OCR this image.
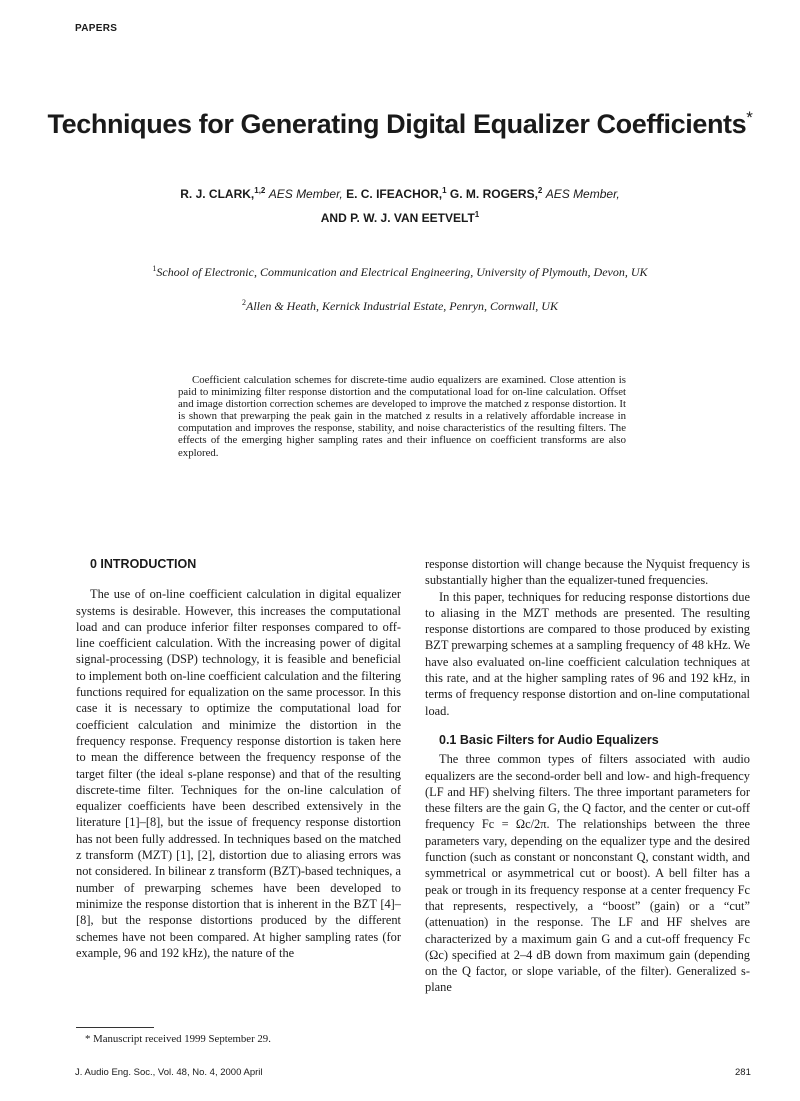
PAPERS
Techniques for Generating Digital Equalizer Coefficients*
R. J. CLARK,$^{1,2}$ AES Member, E. C. IFEACHOR,$^1$ G. M. ROGERS,$^2$ AES Member,
AND P. W. J. VAN EETVELT$^1$
$^1$School of Electronic, Communication and Electrical Engineering, University of Plymouth, Devon, UK
$^2$Allen & Heath, Kernick Industrial Estate, Penryn, Cornwall, UK
Coefficient calculation schemes for discrete-time audio equalizers are examined. Close attention is paid to minimizing filter response distortion and the computational load for on-line calculation. Offset and image distortion correction schemes are developed to improve the matched z response distortion. It is shown that prewarping the peak gain in the matched z results in a relatively affordable increase in computation and improves the response, stability, and noise characteristics of the resulting filters. The effects of the emerging higher sampling rates and their influence on coefficient transforms are also explored.

0 INTRODUCTION

The use of on-line coefficient calculation in digital equalizer systems is desirable. However, this increases the computational load and can produce inferior filter responses compared to off-line coefficient calculation. With the increasing power of digital signal-processing (DSP) technology, it is feasible and beneficial to implement both on-line coefficient calculation and the filtering functions required for equalization on the same processor. In this case it is necessary to optimize the computational load for coefficient calculation and minimize the distortion in the frequency response. Frequency response distortion is taken here to mean the difference between the frequency response of the target filter (the ideal s-plane response) and that of the resulting discrete-time filter. Techniques for the on-line calculation of equalizer coefficients have been described extensively in the literature [1]–[8], but the issue of frequency response distortion has not been fully addressed. In techniques based on the matched z transform (MZT) [1], [2], distortion due to aliasing errors was not considered. In bilinear z transform (BZT)-based techniques, a number of prewarping schemes have been developed to minimize the response distortion that is inherent in the BZT [4]–[8], but the response distortions produced by the different schemes have not been compared. At higher sampling rates (for example, 96 and 192 kHz), the nature of the

response distortion will change because the Nyquist frequency is substantially higher than the equalizer-tuned frequencies.

In this paper, techniques for reducing response distortions due to aliasing in the MZT methods are presented. The resulting response distortions are compared to those produced by existing BZT prewarping schemes at a sampling frequency of 48 kHz. We have also evaluated on-line coefficient calculation techniques at this rate, and at the higher sampling rates of 96 and 192 kHz, in terms of frequency response distortion and on-line computational load.

0.1 Basic Filters for Audio Equalizers

The three common types of filters associated with audio equalizers are the second-order bell and low- and high-frequency (LF and HF) shelving filters. The three important parameters for these filters are the gain G, the Q factor, and the center or cut-off frequency Fc = Ωc/2π. The relationships between the three parameters vary, depending on the equalizer type and the desired function (such as constant or nonconstant Q, constant width, and symmetrical or asymmetrical cut or boost). A bell filter has a peak or trough in its frequency response at a center frequency Fc that represents, respectively, a “boost” (gain) or a “cut” (attenuation) in the response. The LF and HF shelves are characterized by a maximum gain G and a cut-off frequency Fc (Ωc) specified at 2–4 dB down from maximum gain (depending on the Q factor, or slope variable, of the filter). Generalized s-plane

* Manuscript received 1999 September 29.
J. Audio Eng. Soc., Vol. 48, No. 4, 2000 April	281
